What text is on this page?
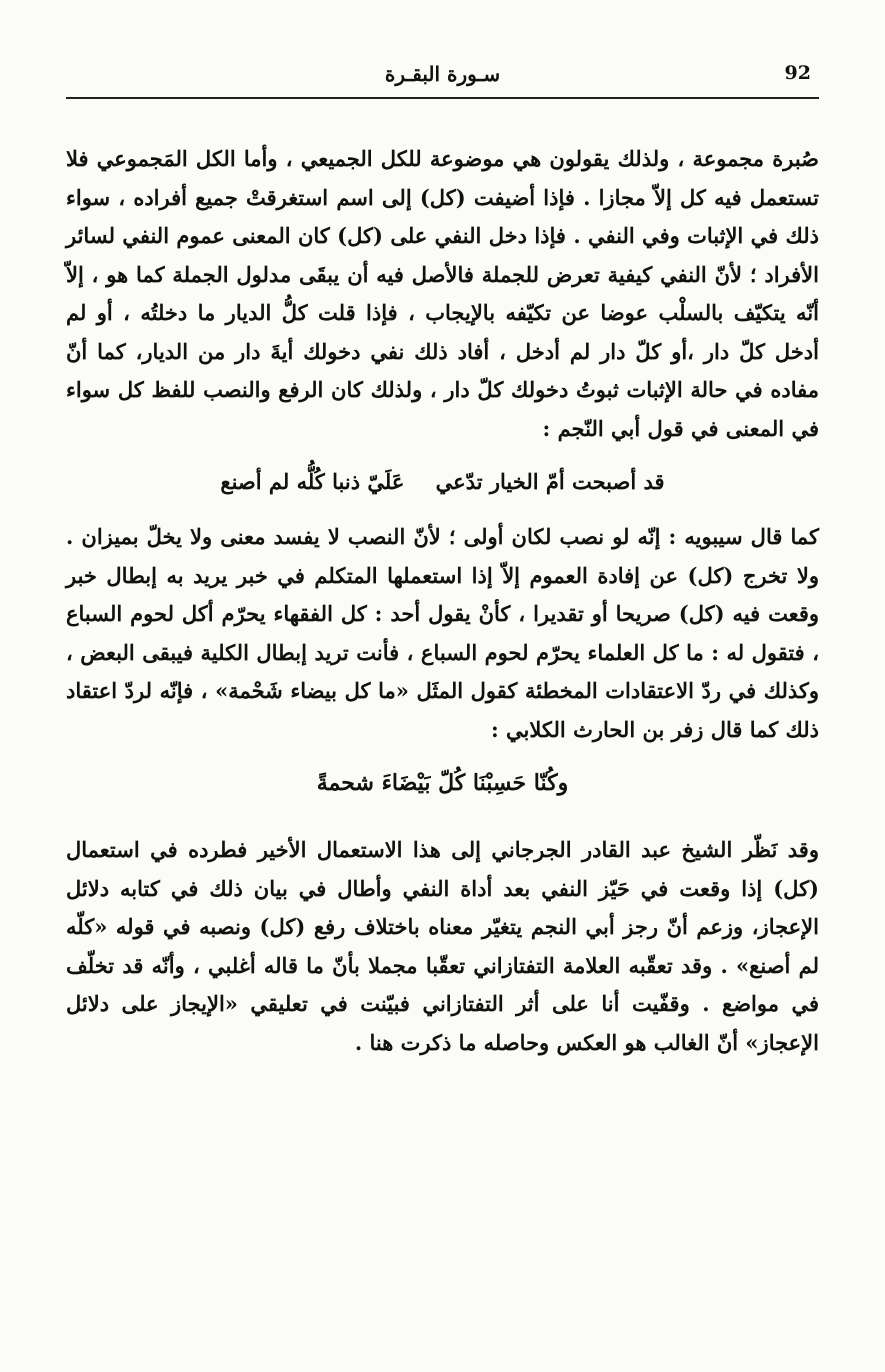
92
سـورة البقـرة

صُبرة مجموعة ، ولذلك يقولون هي موضوعة للكل الجميعي ، وأما الكل المَجموعي فلا تستعمل فيه كل إلاّ مجازا . فإذا أضيفت (كل) إلى اسم استغرقتْ جميع أفراده ، سواء ذلك في الإثبات وفي النفي . فإذا دخل النفي على (كل) كان المعنى عموم النفي لسائر الأفراد ؛ لأنّ النفي كيفية تعرض للجملة فالأصل فيه أن يبقَى مدلول الجملة كما هو ، إلاّ أنّه يتكيّف بالسلْب عوضا عن تكيّفه بالإيجاب ، فإذا قلت كلُّ الديار ما دخلتُه ، أو لم أدخل كلّ دار ،أو كلّ دار لم أدخل ، أفاد ذلك نفي دخولك أيةَ دار من الديار، كما أنّ مفاده في حالة الإثبات ثبوتُ دخولك كلّ دار ، ولذلك كان الرفع والنصب للفظ كل سواء في المعنى في قول أبي النّجم :

قد أصبحت أمّ الخيار تدّعي عَلَيّ ذنبا كُلُّه لم أصنع

كما قال سيبويه : إنّه لو نصب لكان أولى ؛ لأنّ النصب لا يفسد معنى ولا يخلّ بميزان . ولا تخرج (كل) عن إفادة العموم إلاّ إذا استعملها المتكلم في خبر يريد به إبطال خبر وقعت فيه (كل) صريحا أو تقديرا ، كأنْ يقول أحد : كل الفقهاء يحرّم أكل لحوم السباع ، فتقول له : ما كل العلماء يحرّم لحوم السباع ، فأنت تريد إبطال الكلية فيبقى البعض ، وكذلك في ردّ الاعتقادات المخطئة كقول المثَل «ما كل بيضاء شَحْمة» ، فإنّه لردّ اعتقاد ذلك كما قال زفر بن الحارث الكلابي :

وكُنّا حَسِبْنَا كُلّ بَيْضَاءَ شحمةً

وقد نَظّر الشيخ عبد القادر الجرجاني إلى هذا الاستعمال الأخير فطرده في استعمال (كل) إذا وقعت في حَيّز النفي بعد أداة النفي وأطال في بيان ذلك في كتابه دلائل الإعجاز، وزعم أنّ رجز أبي النجم يتغيّر معناه باختلاف رفع (كل) ونصبه في قوله «كلّه لم أصنع» . وقد تعقّبه العلامة التفتازاني تعقّبا مجملا بأنّ ما قاله أغلبي ، وأنّه قد تخلّف في مواضع . وقفّيت أنا على أثر التفتازاني فبيّنت في تعليقي «الإيجاز على دلائل الإعجاز» أنّ الغالب هو العكس وحاصله ما ذكرت هنا .
